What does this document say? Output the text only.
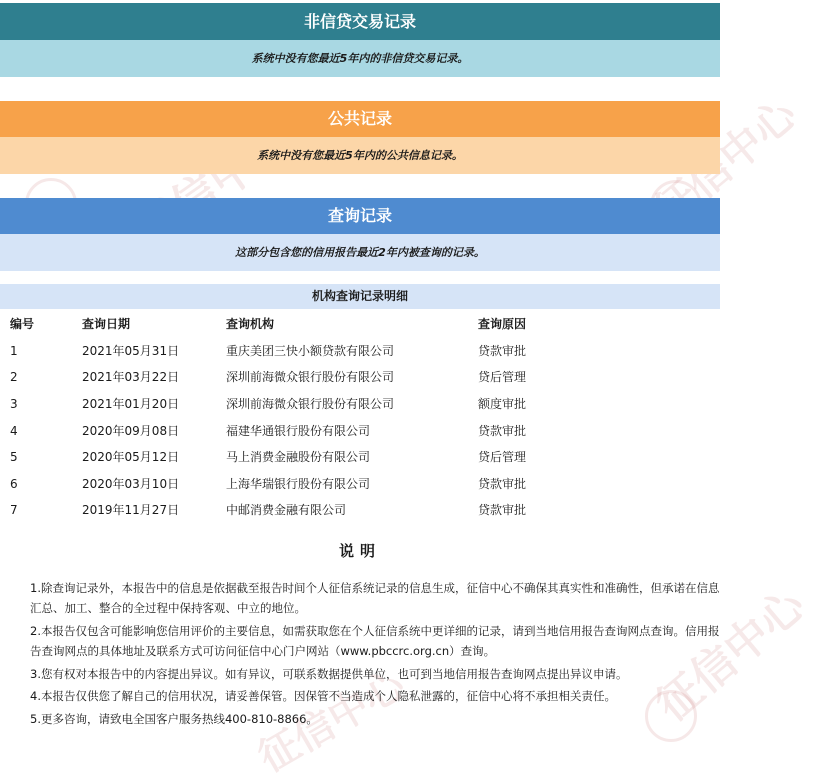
征信中心	征信中心
征信中心
征信中心
非信贷交易记录
系统中没有您最近5年内的非信贷交易记录。
公共记录
系统中没有您最近5年内的公共信息记录。
查询记录
这部分包含您的信用报告最近2年内被查询的记录。
机构查询记录明细
编号	查询日期	查询机构	查询原因
1	2021年05月31日	重庆美团三快小额贷款有限公司	贷款审批
2	2021年03月22日	深圳前海微众银行股份有限公司	贷后管理
3	2021年01月20日	深圳前海微众银行股份有限公司	额度审批
4	2020年09月08日	福建华通银行股份有限公司	贷款审批
5	2020年05月12日	马上消费金融股份有限公司	贷后管理
6	2020年03月10日	上海华瑞银行股份有限公司	贷款审批
7	2019年11月27日	中邮消费金融有限公司	贷款审批
说明
1.除查询记录外，本报告中的信息是依据截至报告时间个人征信系统记录的信息生成，征信中心不确保其真实性和准确性，但承诺在信息汇总、加工、整合的全过程中保持客观、中立的地位。
2.本报告仅包含可能影响您信用评价的主要信息，如需获取您在个人征信系统中更详细的记录，请到当地信用报告查询网点查询。信用报告查询网点的具体地址及联系方式可访问征信中心门户网站（www.pbccrc.org.cn）查询。
3.您有权对本报告中的内容提出异议。如有异议，可联系数据提供单位，也可到当地信用报告查询网点提出异议申请。
4.本报告仅供您了解自己的信用状况，请妥善保管。因保管不当造成个人隐私泄露的，征信中心将不承担相关责任。
5.更多咨询，请致电全国客户服务热线400-810-8866。
